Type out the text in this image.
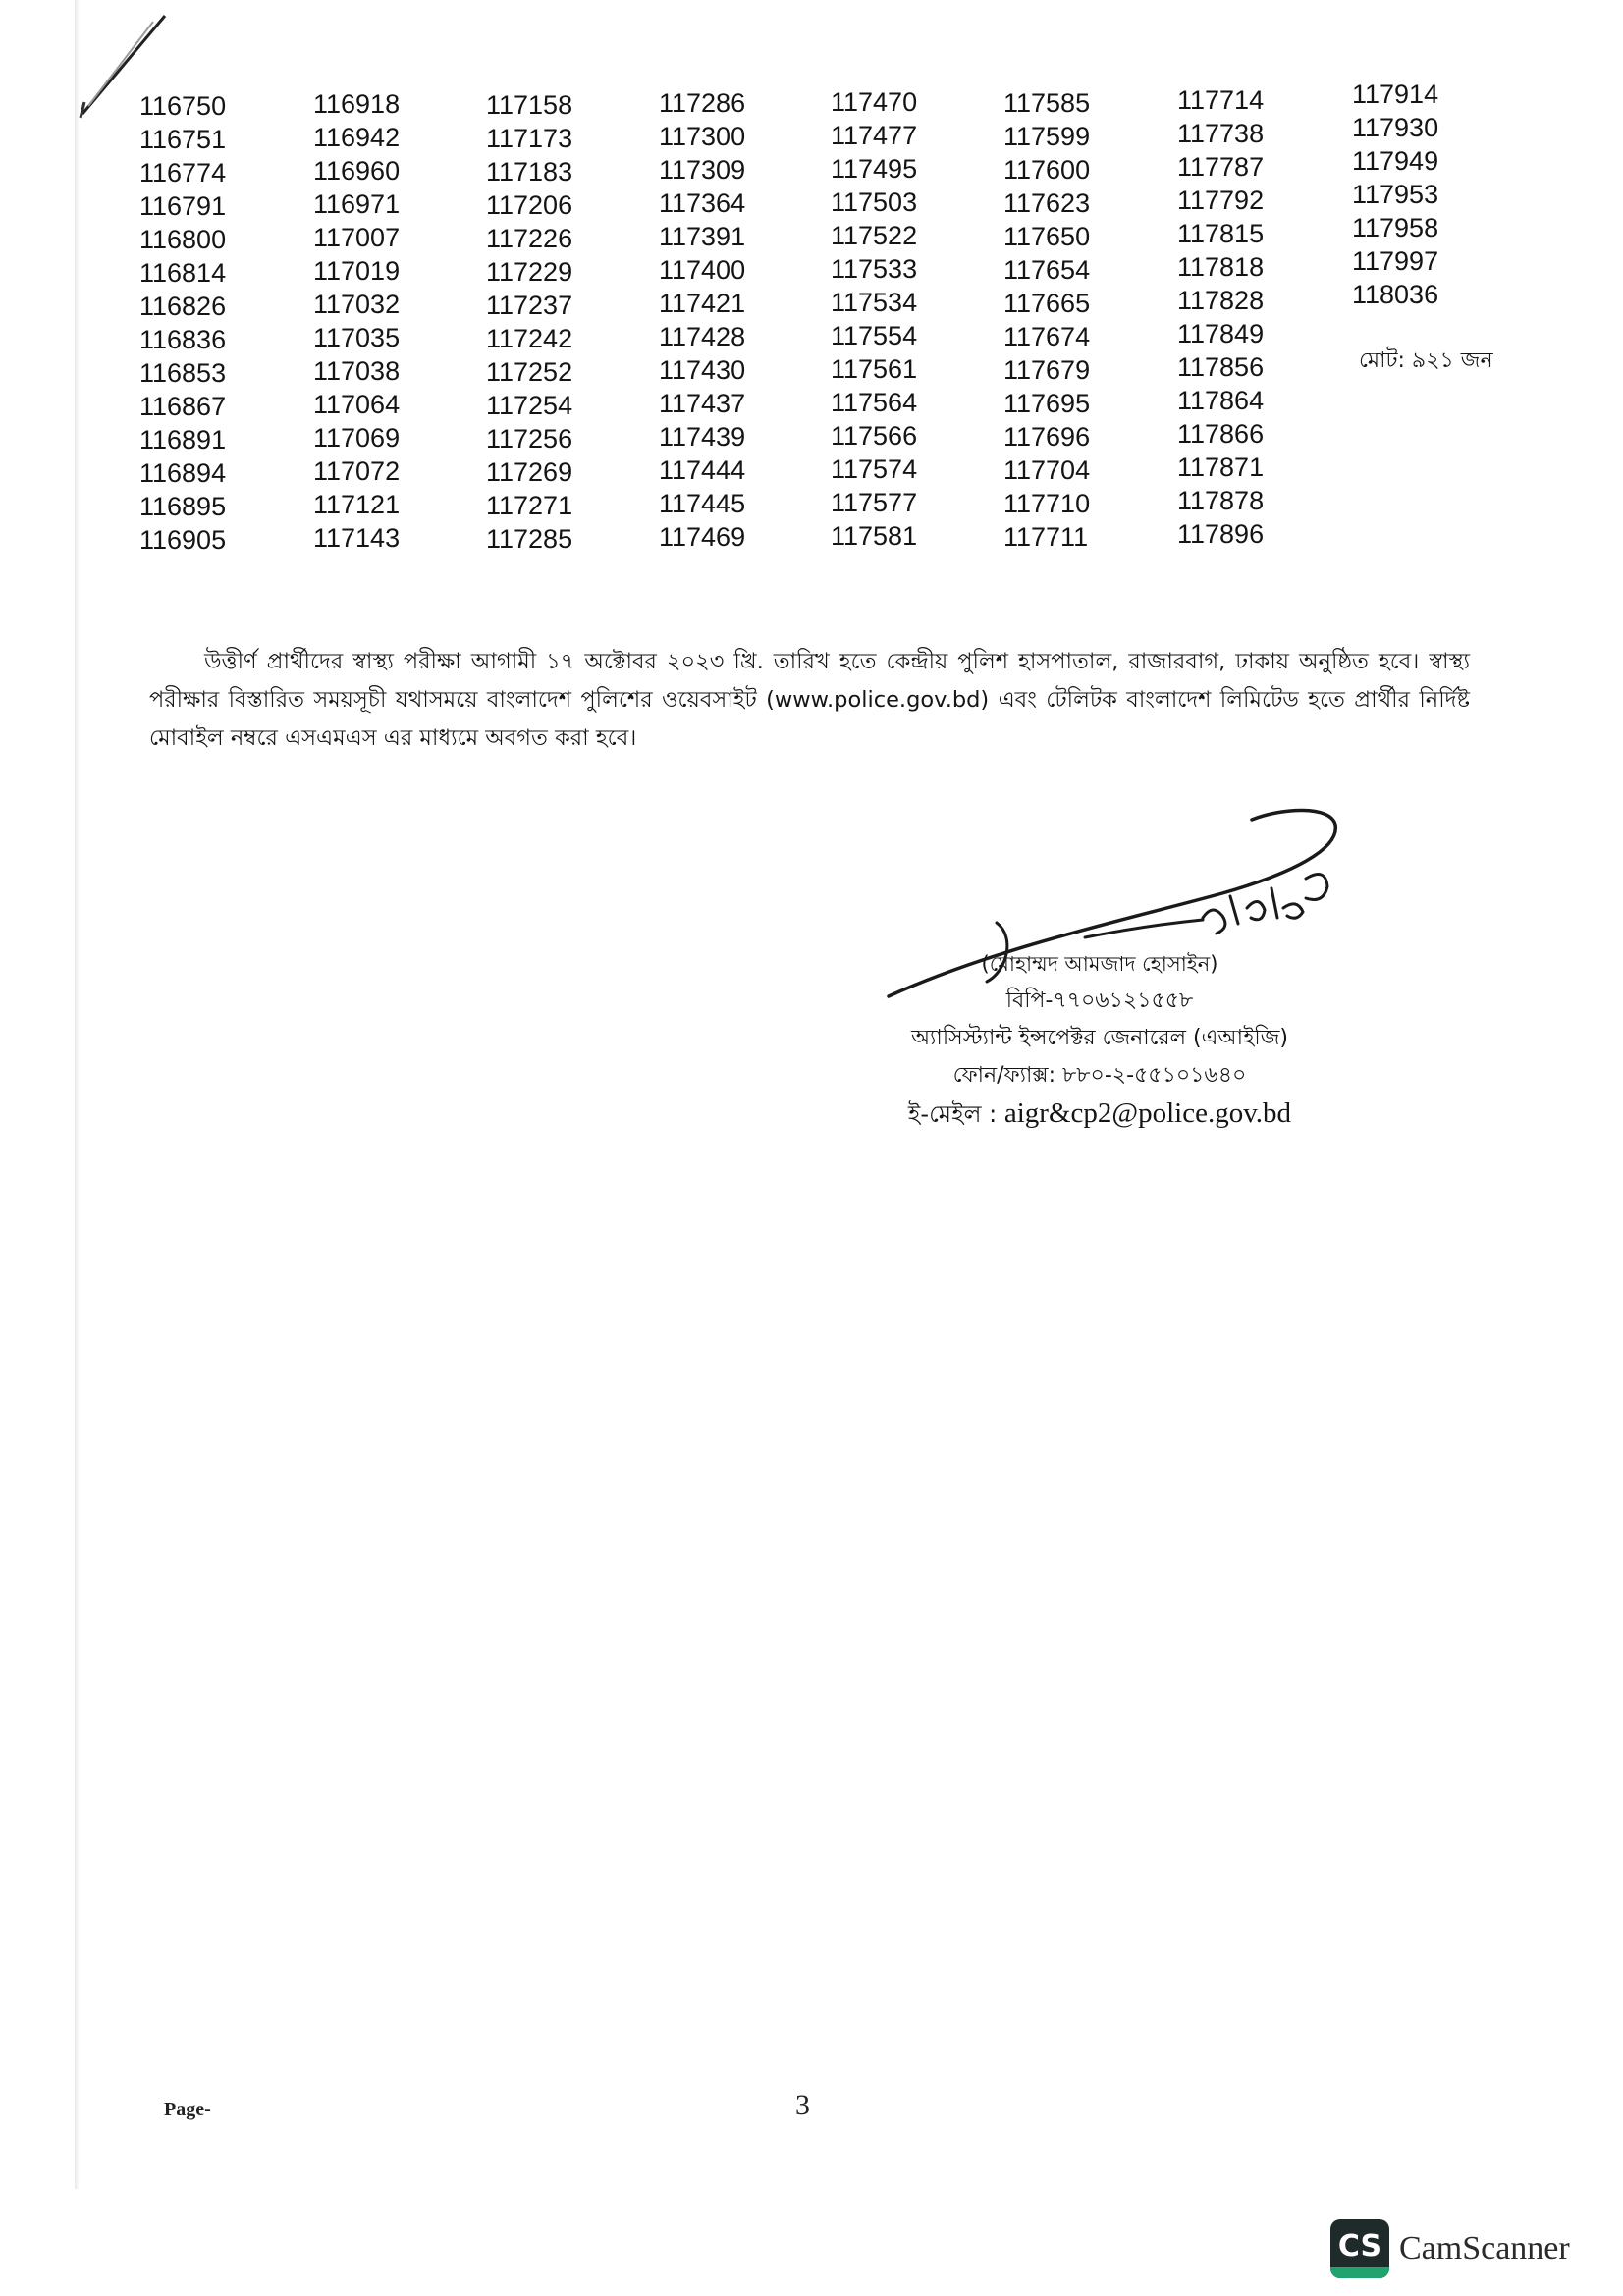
116750
116751
116774
116791
116800
116814
116826
116836
116853
116867
116891
116894
116895
116905
116918
116942
116960
116971
117007
117019
117032
117035
117038
117064
117069
117072
117121
117143
117158
117173
117183
117206
117226
117229
117237
117242
117252
117254
117256
117269
117271
117285
117286
117300
117309
117364
117391
117400
117421
117428
117430
117437
117439
117444
117445
117469
117470
117477
117495
117503
117522
117533
117534
117554
117561
117564
117566
117574
117577
117581
117585
117599
117600
117623
117650
117654
117665
117674
117679
117695
117696
117704
117710
117711
117714
117738
117787
117792
117815
117818
117828
117849
117856
117864
117866
117871
117878
117896
117914
117930
117949
117953
117958
117997
118036
মোট: ৯২১ জন
উত্তীর্ণ প্রার্থীদের স্বাস্থ্য পরীক্ষা আগামী ১৭ অক্টোবর ২০২৩ খ্রি. তারিখ হতে কেন্দ্রীয় পুলিশ হাসপাতাল, রাজারবাগ, ঢাকায় অনুষ্ঠিত হবে। স্বাস্থ্য পরীক্ষার বিস্তারিত সময়সূচী যথাসময়ে বাংলাদেশ পুলিশের ওয়েবসাইট (www.police.gov.bd) এবং টেলিটক বাংলাদেশ লিমিটেড হতে প্রার্থীর নির্দিষ্ট মোবাইল নম্বরে এসএমএস এর মাধ্যমে অবগত করা হবে।
(মোহাম্মদ আমজাদ হোসাইন)
বিপি-৭৭০৬১২১৫৫৮
অ্যাসিস্ট্যান্ট ইন্সপেক্টর জেনারেল (এআইজি)
ফোন/ফ্যাক্স: ৮৮০-২-৫৫১০১৬৪০
ই-মেইল : aigr&cp2@police.gov.bd
Page-	3
CS CamScanner
